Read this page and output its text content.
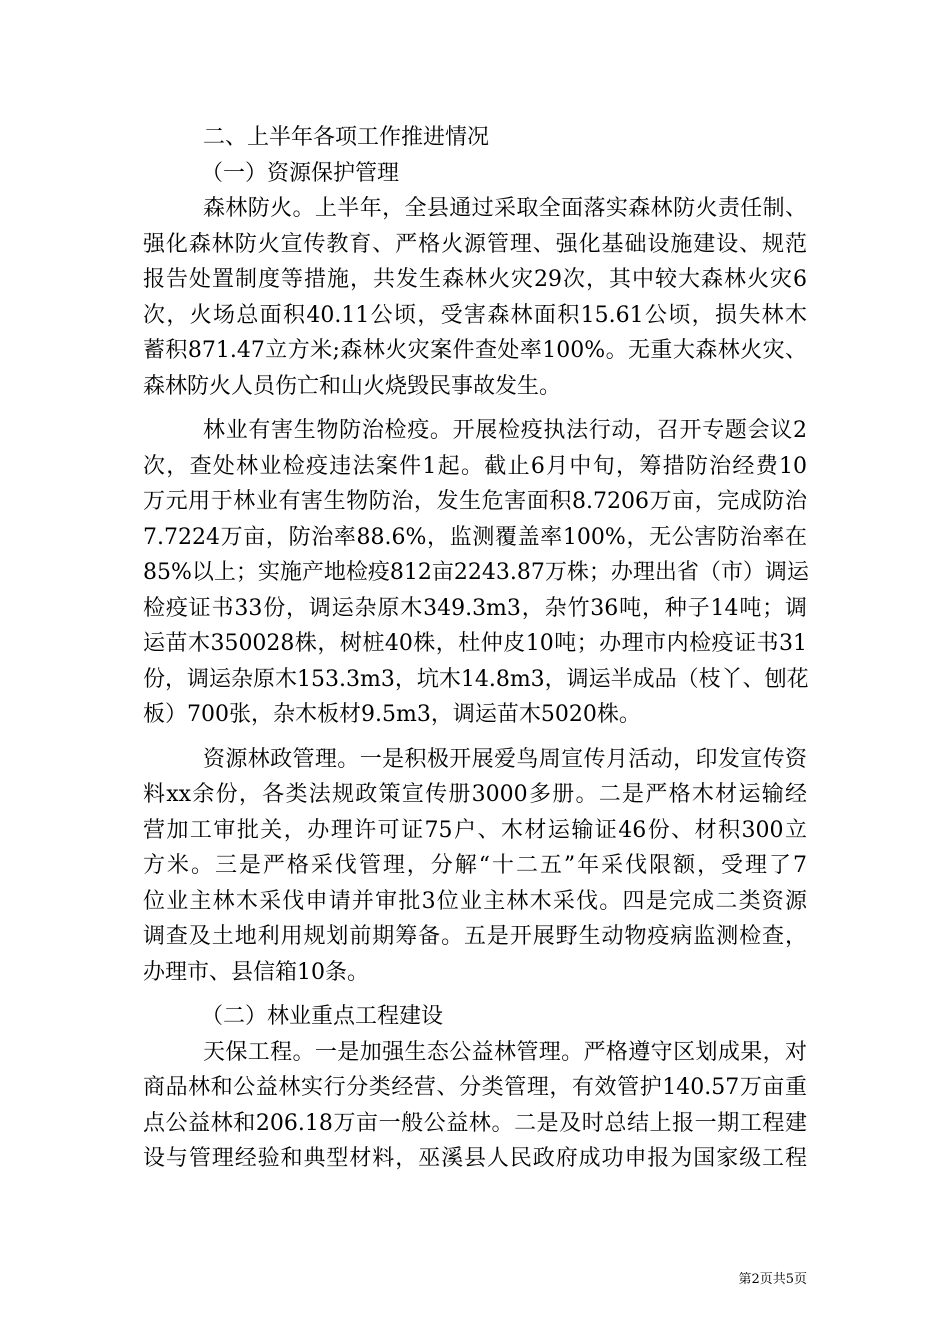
二、上半年各项工作推进情况
（一）资源保护管理
森林防火。上半年，全县通过采取全面落实森林防火责任制、
强化森林防火宣传教育、严格火源管理、强化基础设施建设、规范
报告处置制度等措施，共发生森林火灾29次，其中较大森林火灾6
次，火场总面积40.11公顷，受害森林面积15.61公顷，损失林木
蓄积871.47立方米;森林火灾案件查处率100%。无重大森林火灾、
森林防火人员伤亡和山火烧毁民事故发生。
林业有害生物防治检疫。开展检疫执法行动，召开专题会议2
次，查处林业检疫违法案件1起。截止6月中旬，筹措防治经费10
万元用于林业有害生物防治，发生危害面积8.7206万亩，完成防治
7.7224万亩，防治率88.6%，监测覆盖率100%，无公害防治率在
85%以上；实施产地检疫812亩2243.87万株；办理出省（市）调运
检疫证书33份，调运杂原木349.3m3，杂竹36吨，种子14吨；调
运苗木350028株，树桩40株，杜仲皮10吨；办理市内检疫证书31
份，调运杂原木153.3m3，坑木14.8m3，调运半成品（枝丫、刨花
板）700张，杂木板材9.5m3，调运苗木5020株。
资源林政管理。一是积极开展爱鸟周宣传月活动，印发宣传资
料xx余份，各类法规政策宣传册3000多册。二是严格木材运输经
营加工审批关，办理许可证75户、木材运输证46份、材积300立
方米。三是严格采伐管理，分解“十二五”年采伐限额，受理了7
位业主林木采伐申请并审批3位业主林木采伐。四是完成二类资源
调查及土地利用规划前期筹备。五是开展野生动物疫病监测检查，
办理市、县信箱10条。
（二）林业重点工程建设
天保工程。一是加强生态公益林管理。严格遵守区划成果，对
商品林和公益林实行分类经营、分类管理，有效管护140.57万亩重
点公益林和206.18万亩一般公益林。二是及时总结上报一期工程建
设与管理经验和典型材料，巫溪县人民政府成功申报为国家级工程
第2页共5页
